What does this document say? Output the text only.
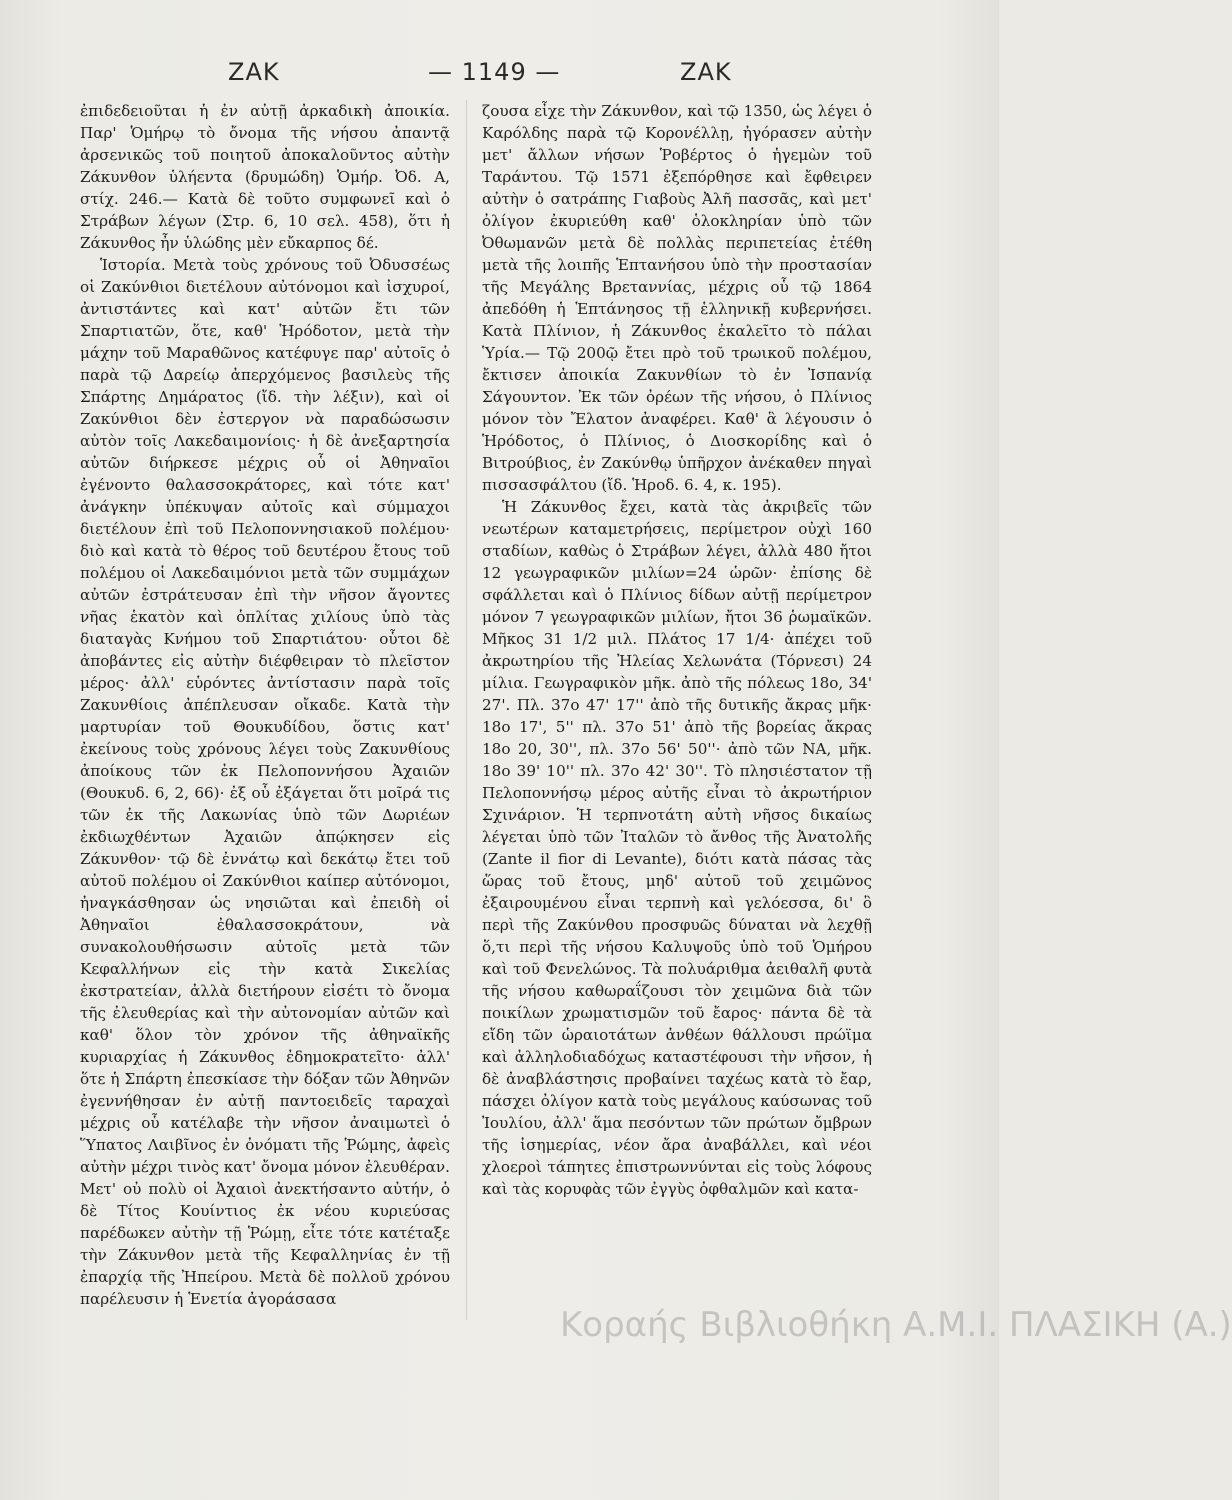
ΖΑΚ	— 1149 —	ΖΑΚ

ἐπιδεδειοῦται ἡ ἐν αὐτῇ ἀρκαδικὴ ἀποικία. Παρ' Ὁμήρῳ τὸ ὄνομα τῆς νήσου ἀπαντᾷ ἀρσενικῶς τοῦ ποιητοῦ ἀποκαλοῦντος αὐτὴν Ζάκυνθον ὑλήεντα (δρυμώδη) Ὁμήρ. Ὀδ. Α, στίχ. 246.— Κατὰ δὲ τοῦτο συμφωνεῖ καὶ ὁ Στράβων λέγων (Στρ. 6, 10 σελ. 458), ὅτι ἡ Ζάκυνθος ἦν ὑλώδης μὲν εὔκαρπος δέ.

Ἱστορία. Μετὰ τοὺς χρόνους τοῦ Ὀδυσσέως οἱ Ζακύνθιοι διετέλουν αὐτόνομοι καὶ ἰσχυροί, ἀντιστάντες καὶ κατ' αὐτῶν ἔτι τῶν Σπαρτιατῶν, ὅτε, καθ' Ἡρόδοτον, μετὰ τὴν μάχην τοῦ Μαραθῶνος κατέφυγε παρ' αὐτοῖς ὁ παρὰ τῷ Δαρείῳ ἀπερχόμενος βασιλεὺς τῆς Σπάρτης Δημάρατος (ἴδ. τὴν λέξιν), καὶ οἱ Ζακύνθιοι δὲν ἐστεργον νὰ παραδώσωσιν αὐτὸν τοῖς Λακεδαιμονίοις· ἡ δὲ ἀνεξαρτησία αὐτῶν διήρκεσε μέχρις οὗ οἱ Ἀθηναῖοι ἐγένοντο θαλασσοκράτορες, καὶ τότε κατ' ἀνάγκην ὑπέκυψαν αὐτοῖς καὶ σύμμαχοι διετέλουν ἐπὶ τοῦ Πελοποννησιακοῦ πολέμου· διὸ καὶ κατὰ τὸ θέρος τοῦ δευτέρου ἔτους τοῦ πολέμου οἱ Λακεδαιμόνιοι μετὰ τῶν συμμάχων αὐτῶν ἐστράτευσαν ἐπὶ τὴν νῆσον ἄγοντες νῆας ἑκατὸν καὶ ὁπλίτας χιλίους ὑπὸ τὰς διαταγὰς Κνήμου τοῦ Σπαρτιάτου· οὗτοι δὲ ἀποβάντες εἰς αὐτὴν διέφθειραν τὸ πλεῖστον μέρος· ἀλλ' εὑρόντες ἀντίστασιν παρὰ τοῖς Ζακυνθίοις ἀπέπλευσαν οἴκαδε. Κατὰ τὴν μαρτυρίαν τοῦ Θουκυδίδου, ὅστις κατ' ἐκείνους τοὺς χρόνους λέγει τοὺς Ζακυνθίους ἀποίκους τῶν ἐκ Πελοποννήσου Ἀχαιῶν (Θουκυδ. 6, 2, 66)· ἐξ οὗ ἐξάγεται ὅτι μοῖρά τις τῶν ἐκ τῆς Λακωνίας ὑπὸ τῶν Δωριέων ἐκδιωχθέντων Ἀχαιῶν ἀπῴκησεν εἰς Ζάκυνθον· τῷ δὲ ἐννάτῳ καὶ δεκάτῳ ἔτει τοῦ αὐτοῦ πολέμου οἱ Ζακύνθιοι καίπερ αὐτόνομοι, ἠναγκάσθησαν ὡς νησιῶται καὶ ἐπειδὴ οἱ Ἀθηναῖοι ἐθαλασσοκράτουν, νὰ συνακολουθήσωσιν αὐτοῖς μετὰ τῶν Κεφαλλήνων εἰς τὴν κατὰ Σικελίας ἐκστρατείαν, ἀλλὰ διετήρουν εἰσέτι τὸ ὄνομα τῆς ἐλευθερίας καὶ τὴν αὐτονομίαν αὐτῶν καὶ καθ' ὅλον τὸν χρόνον τῆς ἀθηναϊκῆς κυριαρχίας ἡ Ζάκυνθος ἐδημοκρατεῖτο· ἀλλ' ὅτε ἡ Σπάρτη ἐπεσκίασε τὴν δόξαν τῶν Ἀθηνῶν ἐγεννήθησαν ἐν αὐτῇ παντοειδεῖς ταραχαὶ μέχρις οὗ κατέλαβε τὴν νῆσον ἀναιμωτεὶ ὁ Ὕπατος Λαιβῖνος ἐν ὀνόματι τῆς Ῥώμης, ἀφεὶς αὐτὴν μέχρι τινὸς κατ' ὄνομα μόνον ἐλευθέραν. Μετ' οὐ πολὺ οἱ Ἀχαιοὶ ἀνεκτήσαντο αὐτήν, ὁ δὲ Τίτος Κουίντιος ἐκ νέου κυριεύσας παρέδωκεν αὐτὴν τῇ Ῥώμῃ, εἶτε τότε κατέταξε τὴν Ζάκυνθον μετὰ τῆς Κεφαλληνίας ἐν τῇ ἐπαρχίᾳ τῆς Ἠπείρου. Μετὰ δὲ πολλοῦ χρόνου παρέλευσιν ἡ Ἑνετία ἀγοράσασα

ζουσα εἶχε τὴν Ζάκυνθον, καὶ τῷ 1350, ὡς λέγει ὁ Καρόλδης παρὰ τῷ Κορονέλλῃ, ἠγόρασεν αὐτὴν μετ' ἄλλων νήσων Ῥοβέρτος ὁ ἡγεμὼν τοῦ Ταράντου. Τῷ 1571 ἐξεπόρθησε καὶ ἔφθειρεν αὐτὴν ὁ σατράπης Γιαβοὺς Ἀλῆ πασσᾶς, καὶ μετ' ὀλίγον ἐκυριεύθη καθ' ὁλοκληρίαν ὑπὸ τῶν Ὀθωμανῶν μετὰ δὲ πολλὰς περιπετείας ἐτέθη μετὰ τῆς λοιπῆς Ἑπτανήσου ὑπὸ τὴν προστασίαν τῆς Μεγάλης Βρεταννίας, μέχρις οὗ τῷ 1864 ἀπεδόθη ἡ Ἑπτάνησος τῇ ἑλληνικῇ κυβερνήσει. Κατὰ Πλίνιον, ἡ Ζάκυνθος ἐκαλεῖτο τὸ πάλαι Ὑρία.— Τῷ 200ῷ ἔτει πρὸ τοῦ τρωικοῦ πολέμου, ἔκτισεν ἀποικία Ζακυνθίων τὸ ἐν Ἰσπανίᾳ Σάγουντον. Ἐκ τῶν ὀρέων τῆς νήσου, ὁ Πλίνιος μόνον τὸν Ἔλατον ἀναφέρει. Καθ' ἃ λέγουσιν ὁ Ἡρόδοτος, ὁ Πλίνιος, ὁ Διοσκορίδης καὶ ὁ Βιτρούβιος, ἐν Ζακύνθῳ ὑπῆρχον ἀνέκαθεν πηγαὶ πισσασφάλτου (ἴδ. Ἡροδ. 6. 4, κ. 195).

Ἡ Ζάκυνθος ἔχει, κατὰ τὰς ἀκριβεῖς τῶν νεωτέρων καταμετρήσεις, περίμετρον οὐχὶ 160 σταδίων, καθὼς ὁ Στράβων λέγει, ἀλλὰ 480 ἤτοι 12 γεωγραφικῶν μιλίων=24 ὡρῶν· ἐπίσης δὲ σφάλλεται καὶ ὁ Πλίνιος δίδων αὐτῇ περίμετρον μόνον 7 γεωγραφικῶν μιλίων, ἤτοι 36 ῥωμαϊκῶν. Μῆκος 31 1/2 μιλ. Πλάτος 17 1/4· ἀπέχει τοῦ ἀκρωτηρίου τῆς Ἠλείας Χελωνάτα (Τόρνεσι) 24 μίλια. Γεωγραφικὸν μῆκ. ἀπὸ τῆς πόλεως 18ο, 34' 27'. Πλ. 37ο 47' 17'' ἀπὸ τῆς δυτικῆς ἄκρας μῆκ· 18ο 17', 5'' πλ. 37ο 51' ἀπὸ τῆς βορείας ἄκρας 18ο 20, 30'', πλ. 37ο 56' 50''· ἀπὸ τῶν ΝΑ, μῆκ. 18ο 39' 10'' πλ. 37ο 42' 30''. Τὸ πλησιέστατον τῇ Πελοποννήσῳ μέρος αὐτῆς εἶναι τὸ ἀκρωτήριον Σχινάριον. Ἡ τερπνοτάτη αὐτὴ νῆσος δικαίως λέγεται ὑπὸ τῶν Ἰταλῶν τὸ ἄνθος τῆς Ἀνατολῆς (Zante il fior di Levante), διότι κατὰ πάσας τὰς ὥρας τοῦ ἔτους, μηδ' αὐτοῦ τοῦ χειμῶνος ἐξαιρουμένου εἶναι τερπνὴ καὶ γελόεσσα, δι' ὃ περὶ τῆς Ζακύνθου προσφυῶς δύναται νὰ λεχθῇ ὅ,τι περὶ τῆς νήσου Καλυψοῦς ὑπὸ τοῦ Ὁμήρου καὶ τοῦ Φενελώνος. Τὰ πολυάριθμα ἀειθαλῆ φυτὰ τῆς νήσου καθωραΐζουσι τὸν χειμῶνα διὰ τῶν ποικίλων χρωματισμῶν τοῦ ἔαρος· πάντα δὲ τὰ εἴδη τῶν ὡραιοτάτων ἀνθέων θάλλουσι πρώϊμα καὶ ἀλληλοδιαδόχως καταστέφουσι τὴν νῆσον, ἡ δὲ ἀναβλάστησις προβαίνει ταχέως κατὰ τὸ ἔαρ, πάσχει ὀλίγον κατὰ τοὺς μεγάλους καύσωνας τοῦ Ἰουλίου, ἀλλ' ἅμα πεσόντων τῶν πρώτων ὄμβρων τῆς ἰσημερίας, νέον ἄρα ἀναβάλλει, καὶ νέοι χλοεροὶ τάπητες ἐπιστρωννύνται εἰς τοὺς λόφους καὶ τὰς κορυφὰς τῶν ἐγγὺς ὀφθαλμῶν καὶ κατα-

Κοραής Βιβλιοθήκη Α.Μ.Ι. ΠΛΑΣΙΚΗ (Α.)
